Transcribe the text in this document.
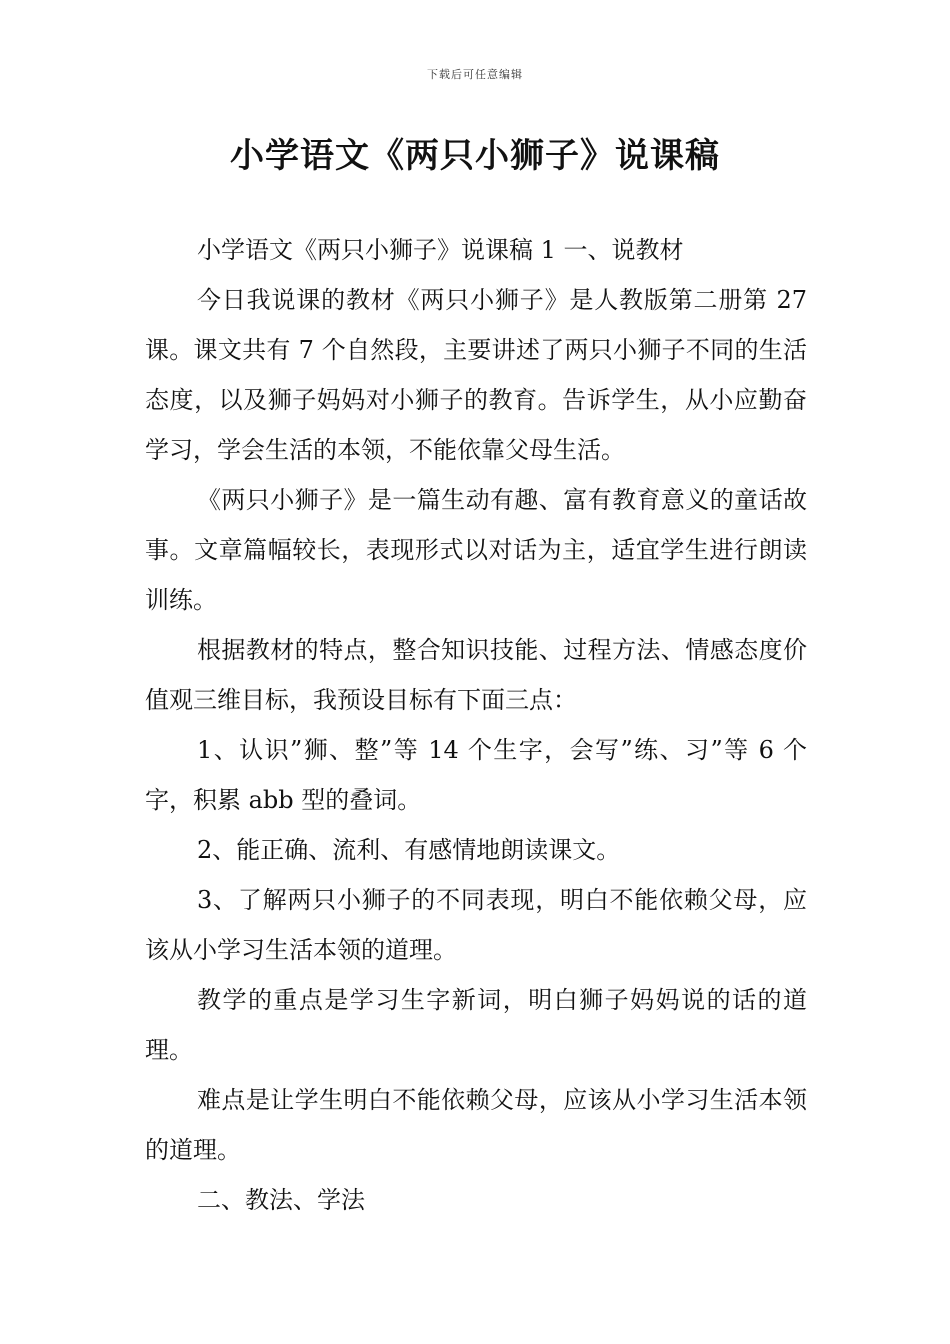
下载后可任意编辑
小学语文《两只小狮子》说课稿

小学语文《两只小狮子》说课稿 1 一、说教材

今日我说课的教材《两只小狮子》是人教版第二册第 27 课。课文共有 7 个自然段，主要讲述了两只小狮子不同的生活态度，以及狮子妈妈对小狮子的教育。告诉学生，从小应勤奋学习，学会生活的本领，不能依靠父母生活。

《两只小狮子》是一篇生动有趣、富有教育意义的童话故事。文章篇幅较长，表现形式以对话为主，适宜学生进行朗读训练。

根据教材的特点，整合知识技能、过程方法、情感态度价值观三维目标，我预设目标有下面三点：

1、认识”狮、整”等 14 个生字，会写”练、习”等 6 个字，积累 abb 型的叠词。

2、能正确、流利、有感情地朗读课文。

3、了解两只小狮子的不同表现，明白不能依赖父母，应该从小学习生活本领的道理。

教学的重点是学习生字新词，明白狮子妈妈说的话的道理。

难点是让学生明白不能依赖父母，应该从小学习生活本领的道理。

二、教法、学法
